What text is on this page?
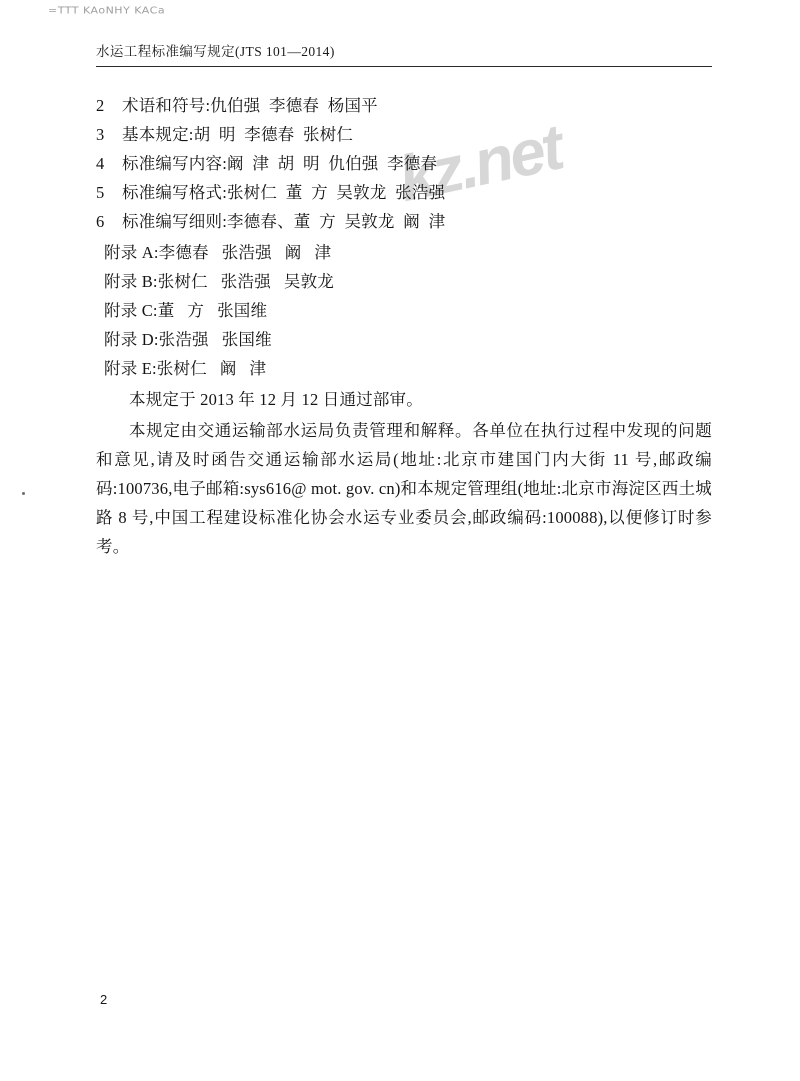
=TTT KAoNHY KACa
kz.net
水运工程标准编写规定(JTS 101—2014)
2 术语和符号:仇伯强  李德春  杨国平
3 基本规定:胡  明  李德春  张树仁
4 标准编写内容:阚  津  胡  明  仇伯强  李德春
5 标准编写格式:张树仁  董  方  吴敦龙  张浩强
6 标准编写细则:李德春、董  方  吴敦龙  阚  津
附录 A:李德春   张浩强   阚   津
附录 B:张树仁   张浩强   吴敦龙
附录 C:董   方   张国维
附录 D:张浩强   张国维
附录 E:张树仁   阚   津
本规定于 2013 年 12 月 12 日通过部审。
本规定由交通运输部水运局负责管理和解释。各单位在执行过程中发现的问题和意见,请及时函告交通运输部水运局(地址:北京市建国门内大街 11 号,邮政编码:100736,电子邮箱:sys616@ mot. gov. cn)和本规定管理组(地址:北京市海淀区西土城路 8 号,中国工程建设标准化协会水运专业委员会,邮政编码:100088),以便修订时参考。
2
